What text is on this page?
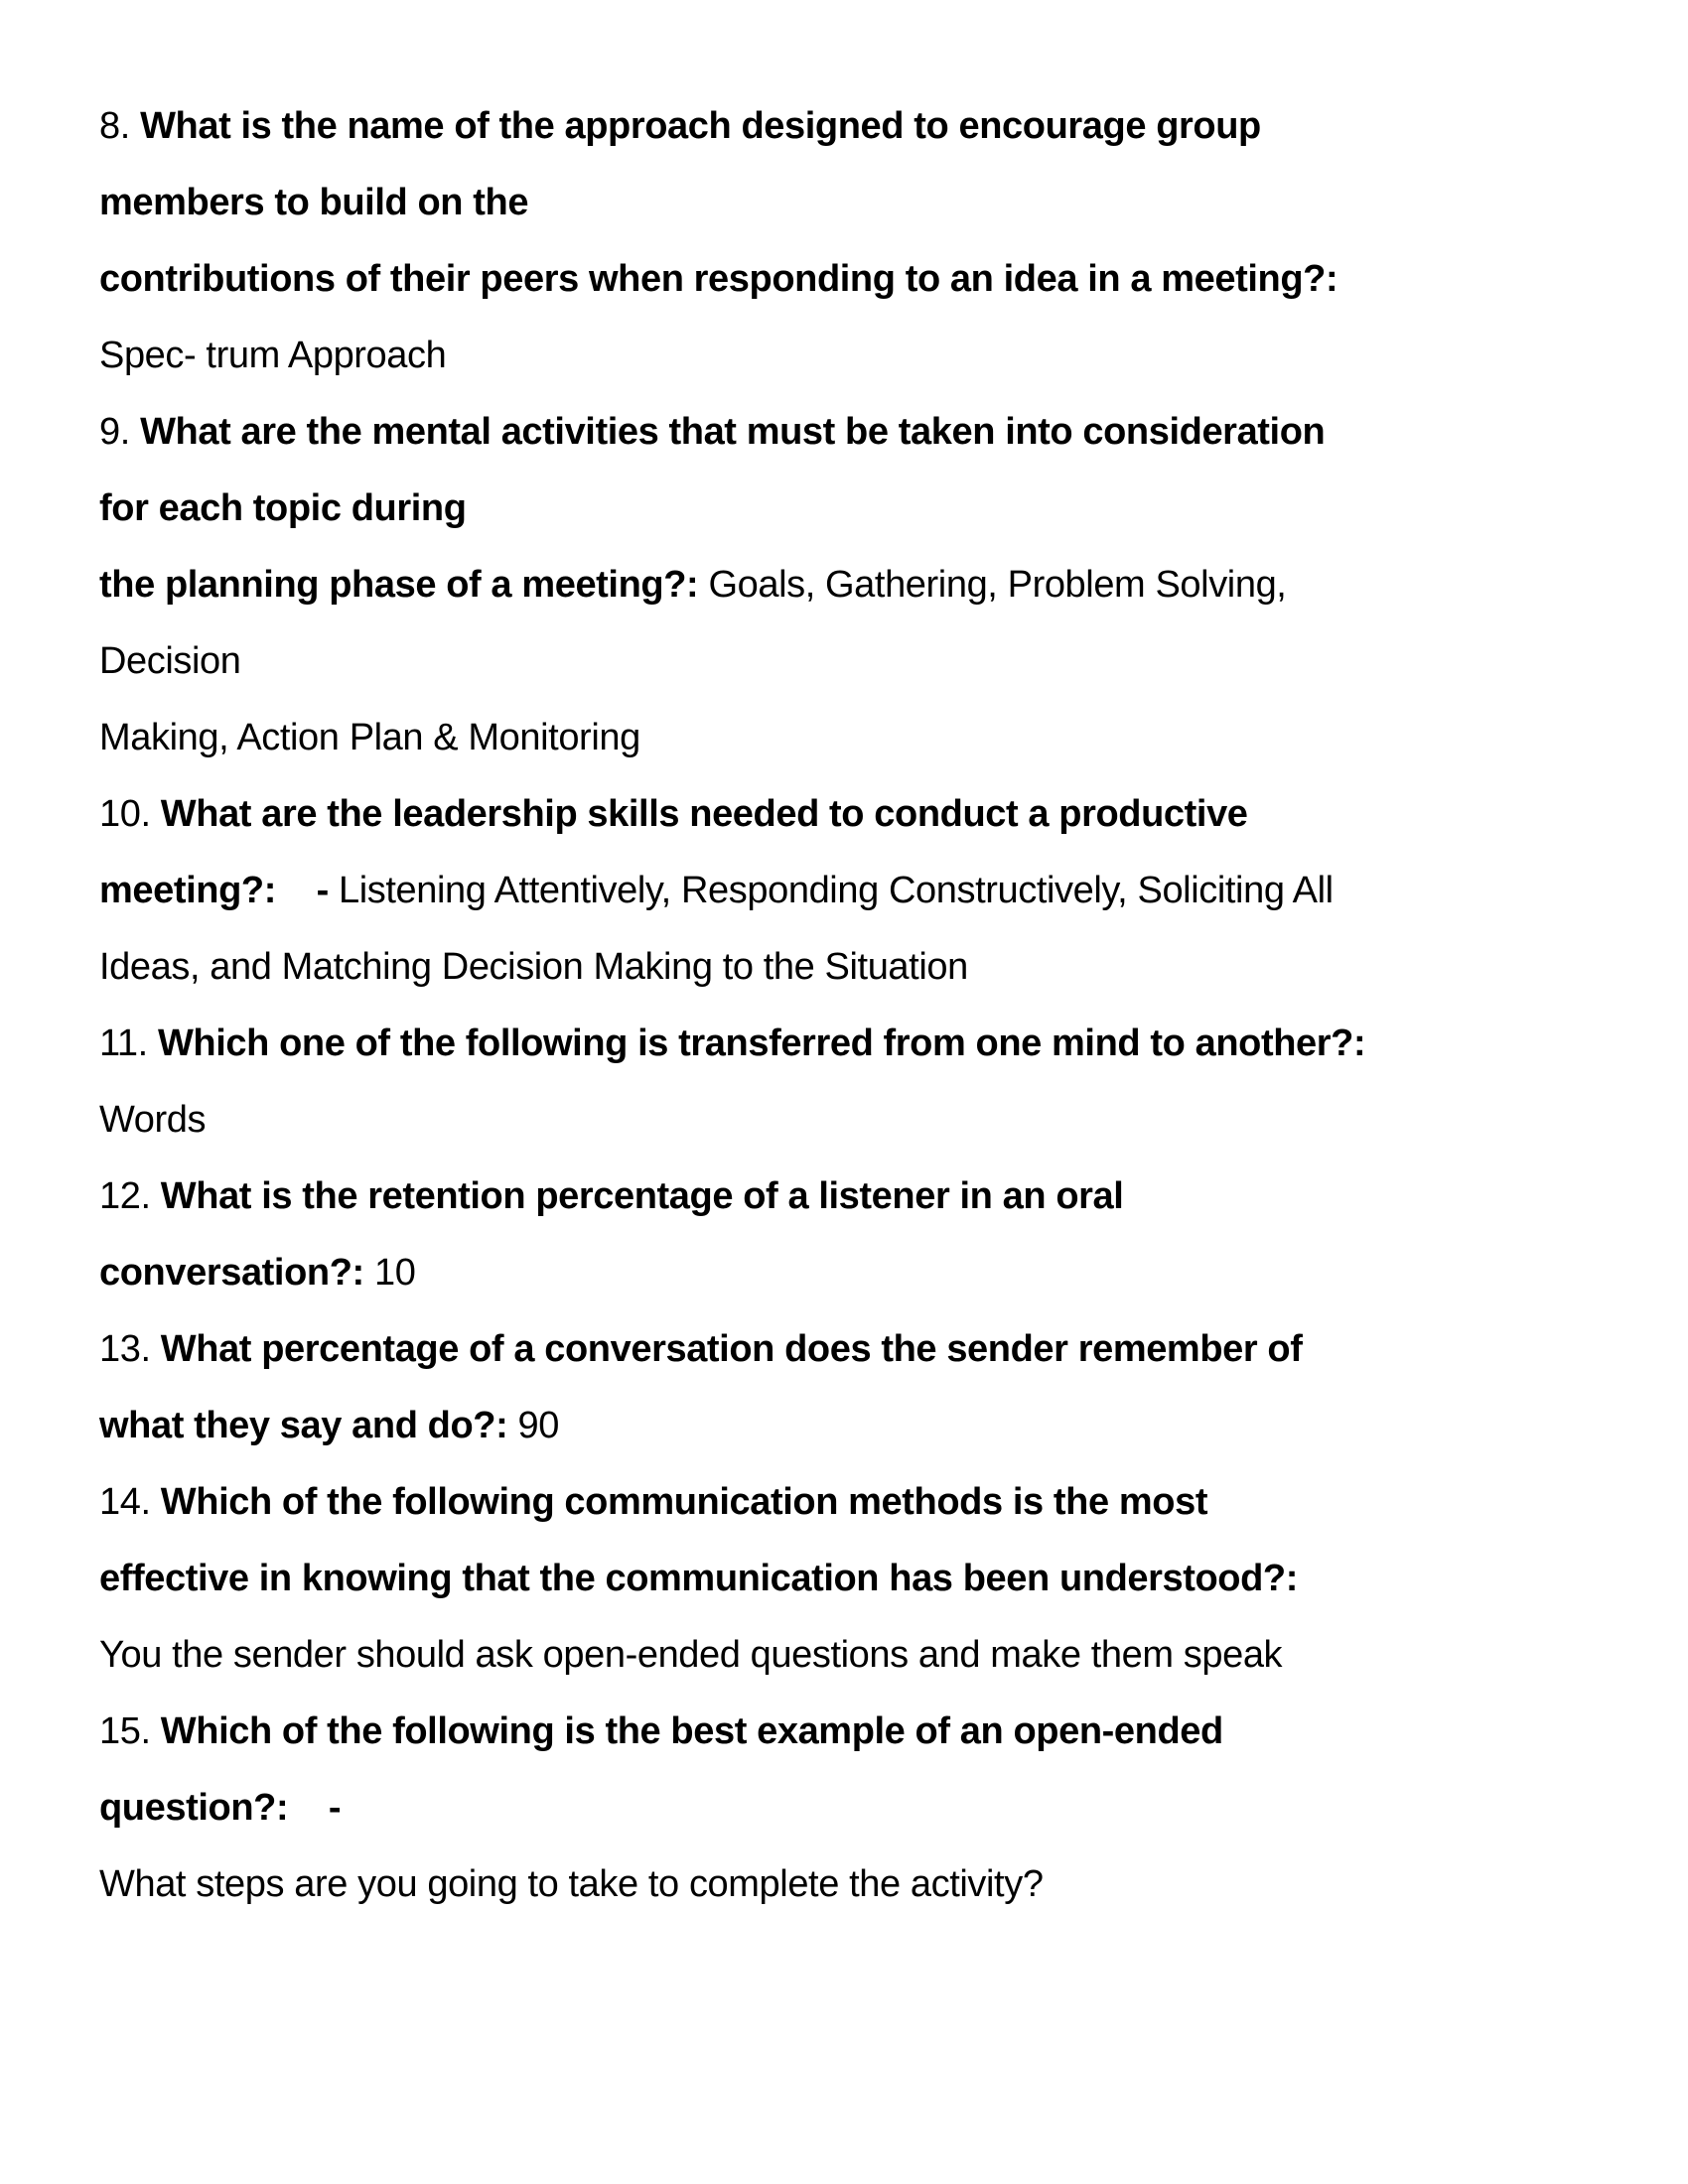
8. What is the name of the approach designed to encourage group
members to build on the
contributions of their peers when responding to an idea in a meeting?:
Spec- trum Approach
9. What are the mental activities that must be taken into consideration
for each topic during
the planning phase of a meeting?: Goals, Gathering, Problem Solving,
Decision
Making, Action Plan & Monitoring
10. What are the leadership skills needed to conduct a productive
meeting?:    - Listening Attentively, Responding Constructively, Soliciting All
Ideas, and Matching Decision Making to the Situation
11. Which one of the following is transferred from one mind to another?:
Words
12. What is the retention percentage of a listener in an oral
conversation?: 10
13. What percentage of a conversation does the sender remember of
what they say and do?: 90
14. Which of the following communication methods is the most
effective in knowing that the communication has been understood?:
You the sender should ask open-ended questions and make them speak
15. Which of the following is the best example of an open-ended
question?:    -
What steps are you going to take to complete the activity?
